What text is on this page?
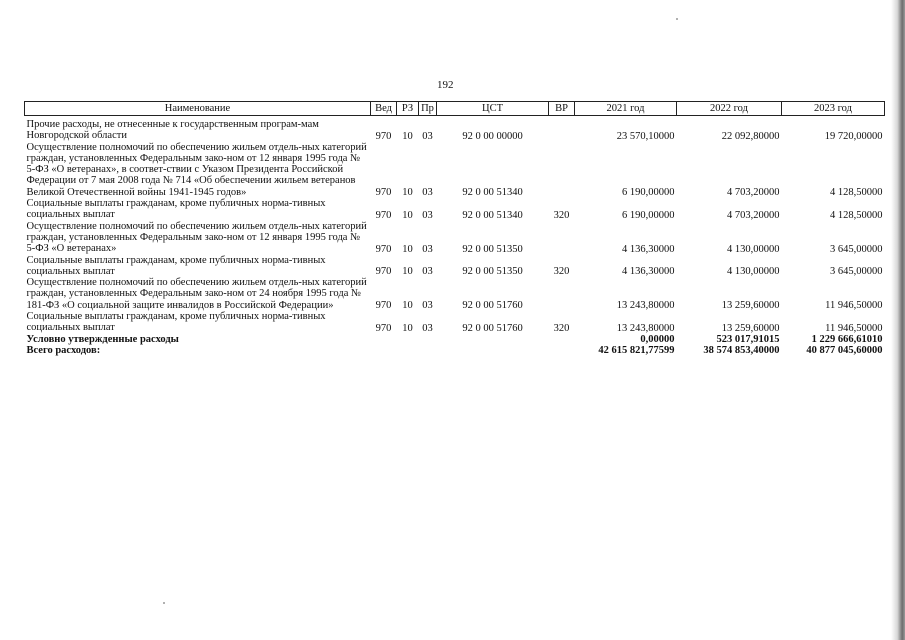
192
Наименование	Вед	РЗ	Пр	ЦСТ	ВР	2021 год	2022 год	2023 год
Прочие расходы, не отнесенные к государственным програм-мам Новгородской области	970	10	03	92 0 00 00000		23 570,10000	22 092,80000	19 720,00000
Осуществление полномочий по обеспечению жильем отдель-ных категорий граждан, установленных Федеральным зако-ном от 12 января 1995 года № 5-ФЗ «О ветеранах», в соответ-ствии с Указом Президента Российской Федерации от 7 мая 2008 года № 714 «Об обеспечении жильем ветеранов Великой Отечественной войны 1941-1945 годов»	970	10	03	92 0 00 51340		6 190,00000	4 703,20000	4 128,50000
Социальные выплаты гражданам, кроме публичных норма-тивных социальных выплат	970	10	03	92 0 00 51340	320	6 190,00000	4 703,20000	4 128,50000
Осуществление полномочий по обеспечению жильем отдель-ных категорий граждан, установленных Федеральным зако-ном от 12 января 1995 года № 5-ФЗ «О ветеранах»	970	10	03	92 0 00 51350		4 136,30000	4 130,00000	3 645,00000
Социальные выплаты гражданам, кроме публичных норма-тивных социальных выплат	970	10	03	92 0 00 51350	320	4 136,30000	4 130,00000	3 645,00000
Осуществление полномочий по обеспечению жильем отдель-ных категорий граждан, установленных Федеральным зако-ном от 24 ноября 1995 года № 181-ФЗ «О социальной защите инвалидов в Российской Федерации»	970	10	03	92 0 00 51760		13 243,80000	13 259,60000	11 946,50000
Социальные выплаты гражданам, кроме публичных норма-тивных социальных выплат	970	10	03	92 0 00 51760	320	13 243,80000	13 259,60000	11 946,50000
Условно утвержденные расходы						0,00000	523 017,91015	1 229 666,61010
Всего расходов:						42 615 821,77599	38 574 853,40000	40 877 045,60000
